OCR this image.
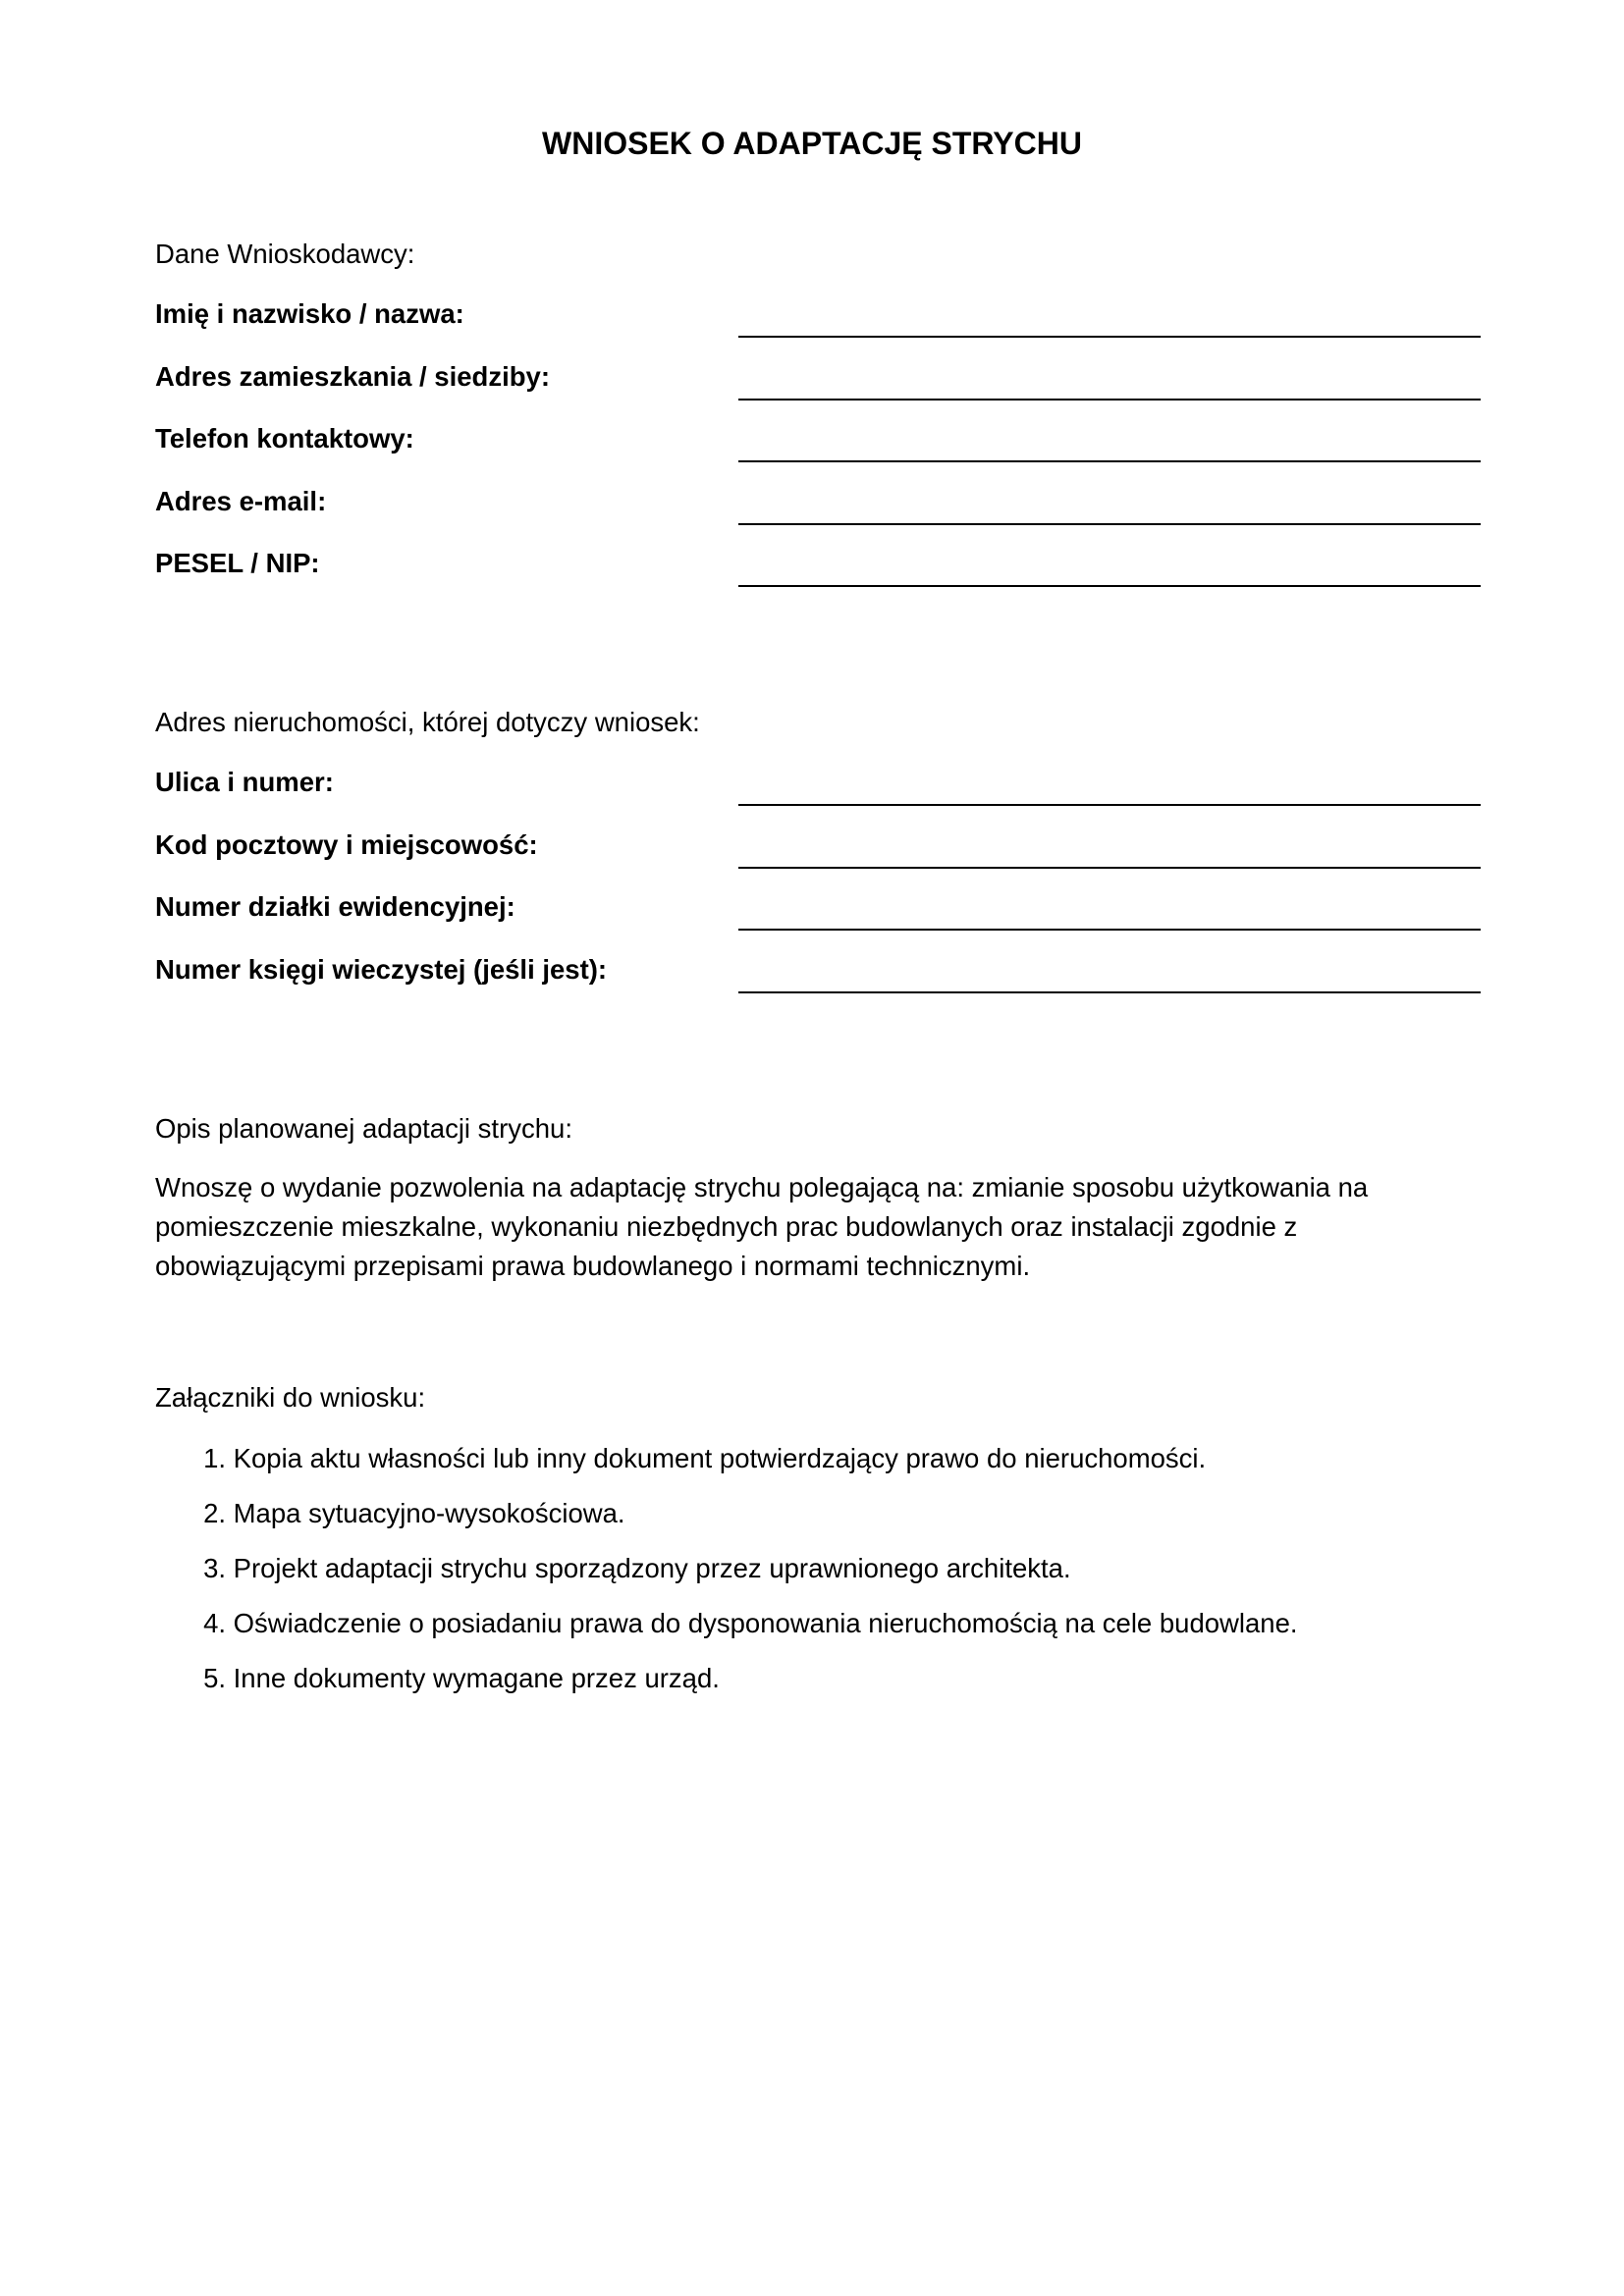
WNIOSEK O ADAPTACJĘ STRYCHU
Dane Wnioskodawcy:
Imię i nazwisko / nazwa:
Adres zamieszkania / siedziby:
Telefon kontaktowy:
Adres e-mail:
PESEL / NIP:
Adres nieruchomości, której dotyczy wniosek:
Ulica i numer:
Kod pocztowy i miejscowość:
Numer działki ewidencyjnej:
Numer księgi wieczystej (jeśli jest):
Opis planowanej adaptacji strychu:
Wnoszę o wydanie pozwolenia na adaptację strychu polegającą na: zmianie sposobu użytkowania na
pomieszczenie mieszkalne, wykonaniu niezbędnych prac budowlanych oraz instalacji zgodnie z
obowiązującymi przepisami prawa budowlanego i normami technicznymi.
Załączniki do wniosku:
1. Kopia aktu własności lub inny dokument potwierdzający prawo do nieruchomości.
2. Mapa sytuacyjno-wysokościowa.
3. Projekt adaptacji strychu sporządzony przez uprawnionego architekta.
4. Oświadczenie o posiadaniu prawa do dysponowania nieruchomością na cele budowlane.
5. Inne dokumenty wymagane przez urząd.
